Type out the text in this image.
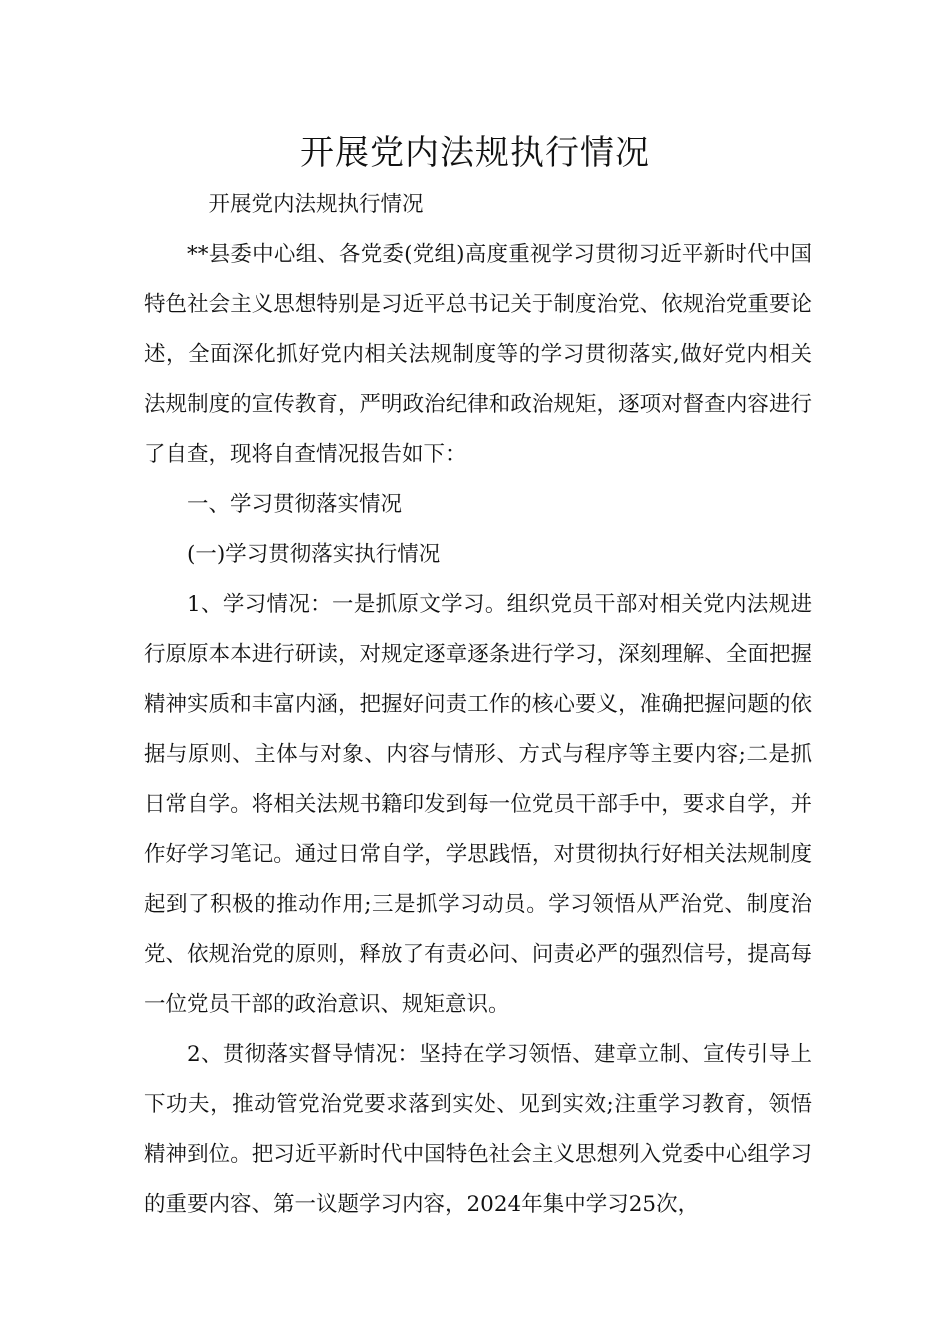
开展党内法规执行情况

开展党内法规执行情况

**县委中心组、各党委(党组)高度重视学习贯彻习近平新时代中国特色社会主义思想特别是习近平总书记关于制度治党、依规治党重要论述，全面深化抓好党内相关法规制度等的学习贯彻落实,做好党内相关法规制度的宣传教育，严明政治纪律和政治规矩，逐项对督查内容进行了自查，现将自查情况报告如下：

一、学习贯彻落实情况

(一)学习贯彻落实执行情况

1、学习情况：一是抓原文学习。组织党员干部对相关党内法规进行原原本本进行研读，对规定逐章逐条进行学习，深刻理解、全面把握精神实质和丰富内涵，把握好问责工作的核心要义，准确把握问题的依据与原则、主体与对象、内容与情形、方式与程序等主要内容;二是抓日常自学。将相关法规书籍印发到每一位党员干部手中，要求自学，并作好学习笔记。通过日常自学，学思践悟，对贯彻执行好相关法规制度起到了积极的推动作用;三是抓学习动员。学习领悟从严治党、制度治党、依规治党的原则，释放了有责必问、问责必严的强烈信号，提高每一位党员干部的政治意识、规矩意识。

2、贯彻落实督导情况：坚持在学习领悟、建章立制、宣传引导上下功夫，推动管党治党要求落到实处、见到实效;注重学习教育，领悟精神到位。把习近平新时代中国特色社会主义思想列入党委中心组学习的重要内容、第一议题学习内容，2024年集中学习25次，
